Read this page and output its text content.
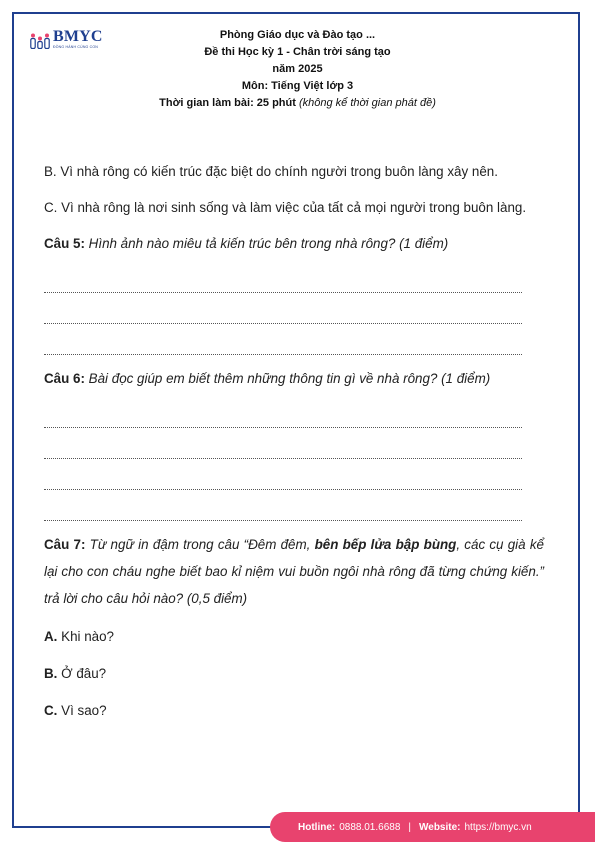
BMYC
ĐỒNG HÀNH CÙNG CON
Phòng Giáo dục và Đào tạo ...
Đề thi Học kỳ 1 - Chân trời sáng tạo
năm 2025
Môn: Tiếng Việt lớp 3
Thời gian làm bài: 25 phút (không kể thời gian phát đề)

B. Vì nhà rông có kiến trúc đặc biệt do chính người trong buôn làng xây nên.

C. Vì nhà rông là nơi sinh sống và làm việc của tất cả mọi người trong buôn làng.

Câu 5: Hình ảnh nào miêu tả kiến trúc bên trong nhà rông? (1 điểm)

Câu 6: Bài đọc giúp em biết thêm những thông tin gì về nhà rông? (1 điểm)

Câu 7: Từ ngữ in đậm trong câu “Đêm đêm, bên bếp lửa bập bùng, các cụ già kể lại cho con cháu nghe biết bao kỉ niệm vui buồn ngôi nhà rông đã từng chứng kiến.” trả lời cho câu hỏi nào? (0,5 điểm)

A. Khi nào?

B. Ở đâu?

C. Vì sao?

Hotline: 0888.01.6688 | Website: https://bmyc.vn
